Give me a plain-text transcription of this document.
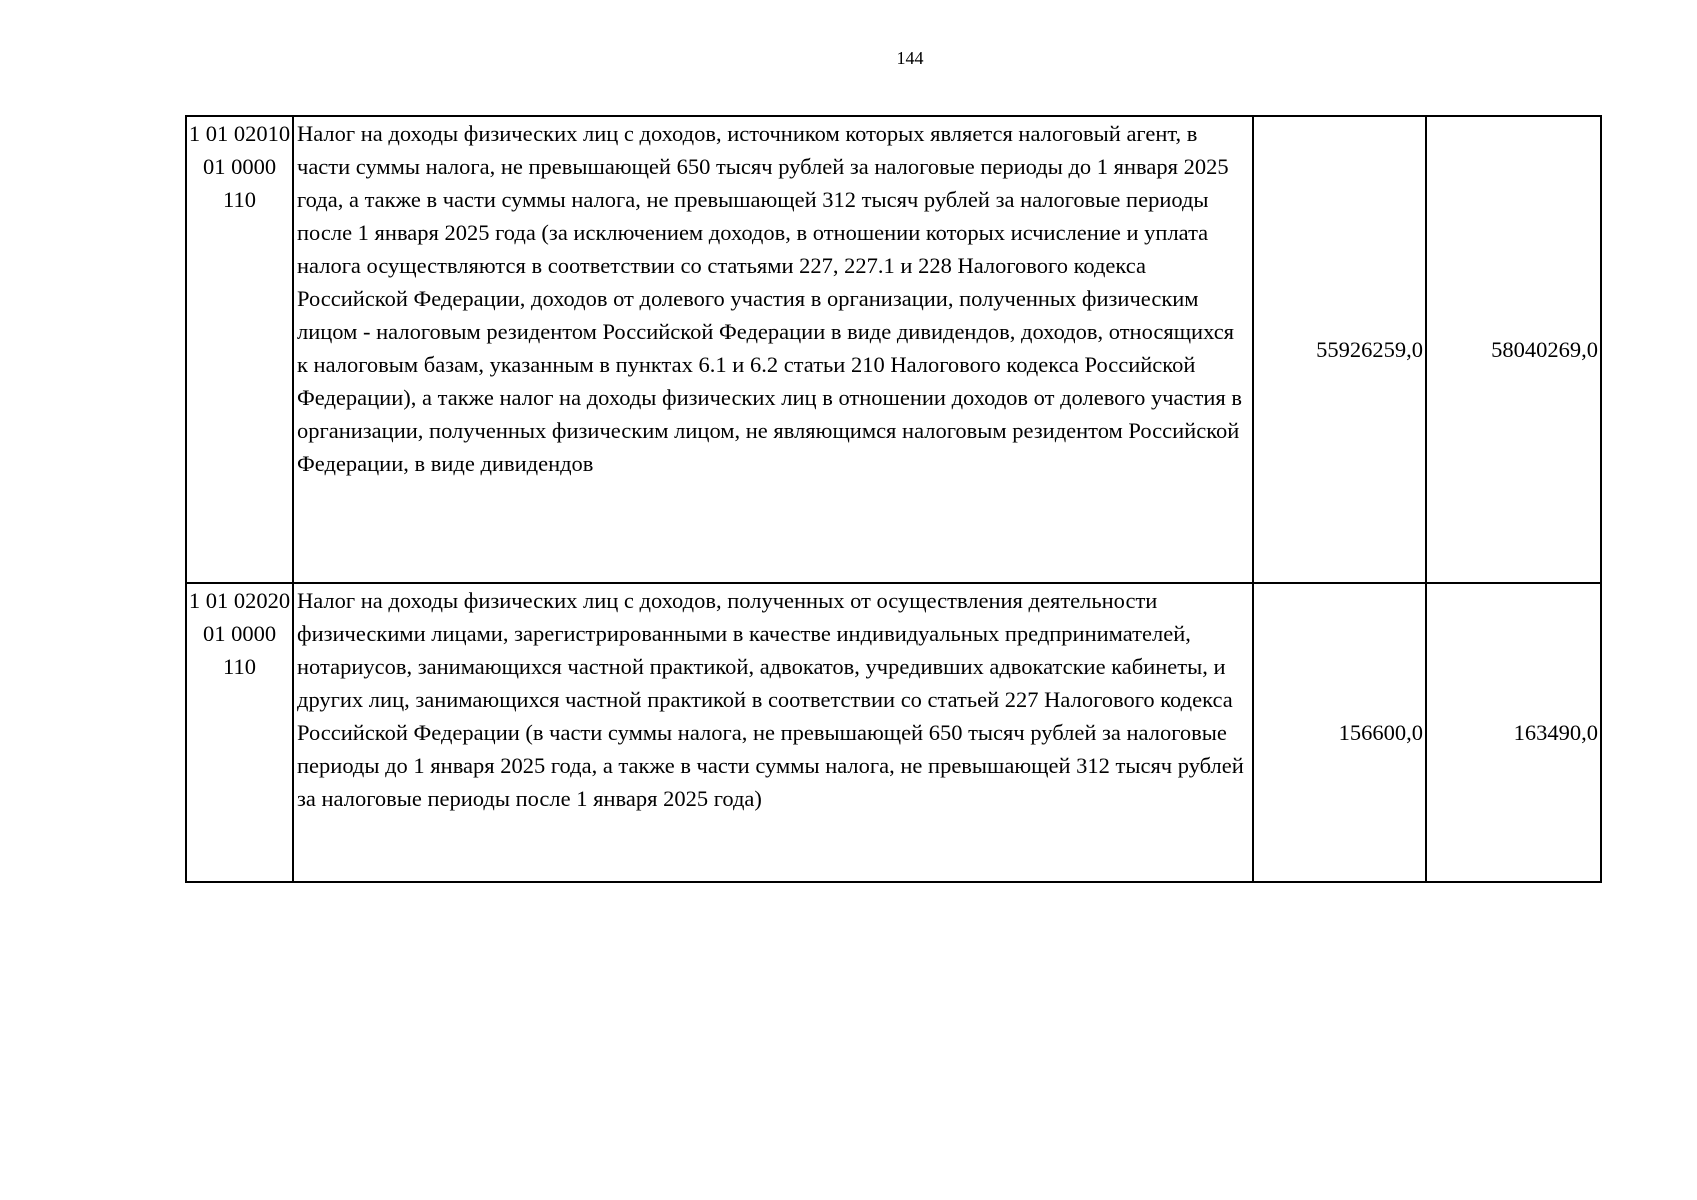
144
1 01 02010 01 0000 110	Налог на доходы физических лиц с доходов, источником которых является налоговый агент, в части суммы налога, не превышающей 650 тысяч рублей за налоговые периоды до 1 января 2025 года, а также в части суммы налога, не превышающей 312 тысяч рублей за налоговые периоды после 1 января 2025 года (за исключением доходов, в отношении которых исчисление и уплата налога осуществляются в соответствии со статьями 227, 227.1 и 228 Налогового кодекса Российской Федерации, доходов от долевого участия в организации, полученных физическим лицом - налоговым резидентом Российской Федерации в виде дивидендов, доходов, относящихся к налоговым базам, указанным в пунктах 6.1 и 6.2 статьи 210 Налогового кодекса Российской Федерации), а также налог на доходы физических лиц в отношении доходов от долевого участия в организации, полученных физическим лицом, не являющимся налоговым резидентом Российской Федерации, в виде дивидендов	55926259,0	58040269,0
1 01 02020 01 0000 110	Налог на доходы физических лиц с доходов, полученных от осуществления деятельности физическими лицами, зарегистрированными в качестве индивидуальных предпринимателей, нотариусов, занимающихся частной практикой, адвокатов, учредивших адвокатские кабинеты, и других лиц, занимающихся частной практикой в соответствии со статьей 227 Налогового кодекса Российской Федерации (в части суммы налога, не превышающей 650 тысяч рублей за налоговые периоды до 1 января 2025 года, а также в части суммы налога, не превышающей 312 тысяч рублей за налоговые периоды после 1 января 2025 года)	156600,0	163490,0
